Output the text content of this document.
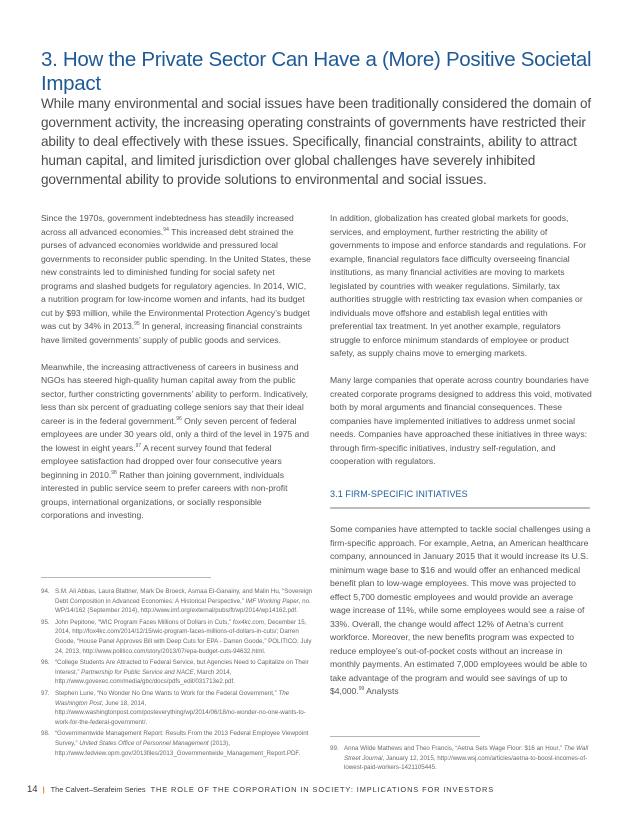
3. How the Private Sector Can Have a (More) Positive Societal Impact

While many environmental and social issues have been traditionally considered the domain of government activity, the increasing operating constraints of governments have restricted their ability to deal effectively with these issues. Specifically, financial constraints, ability to attract human capital, and limited jurisdiction over global challenges have severely inhibited governmental ability to provide solutions to environmental and social issues.

Since the 1970s, government indebtedness has steadily increased across all advanced economies.$^{94}$ This increased debt strained the purses of advanced economies worldwide and pressured local governments to reconsider public spending. In the United States, these new constraints led to diminished funding for social safety net programs and slashed budgets for regulatory agencies. In 2014, WIC, a nutrition program for low-income women and infants, had its budget cut by $93 million, while the Environmental Protection Agency’s budget was cut by 34% in 2013.95 In general, increasing financial constraints have limited governments’ supply of public goods and services.

Meanwhile, the increasing attractiveness of careers in business and NGOs has steered high-quality human capital away from the public sector, further constricting governments’ ability to perform. Indicatively, less than six percent of graduating college seniors say that their ideal career is in the federal government.$^{96}$ Only seven percent of federal employees are under 30 years old, only a third of the level in 1975 and the lowest in eight years.$^{97}$ A recent survey found that federal employee satisfaction had dropped over four consecutive years beginning in 2010.98 Rather than joining government, individuals interested in public service seem to prefer careers with non-profit groups, international organizations, or socially responsible corporations and investing.

In addition, globalization has created global markets for goods, services, and employment, further restricting the ability of governments to impose and enforce standards and regulations. For example, financial regulators face difficulty overseeing financial institutions, as many financial activities are moving to markets legislated by countries with weaker regulations. Similarly, tax authorities struggle with restricting tax evasion when companies or individuals move offshore and establish legal entities with preferential tax treatment. In yet another example, regulators struggle to enforce minimum standards of employee or product safety, as supply chains move to emerging markets.

Many large companies that operate across country boundaries have created corporate programs designed to address this void, motivated both by moral arguments and financial consequences. These companies have implemented initiatives to address unmet social needs. Companies have approached these initiatives in three ways: through firm-specific initiatives, industry self-regulation, and cooperation with regulators.

3.1 FIRM-SPECIFIC INITIATIVES

Some companies have attempted to tackle social challenges using a firm-specific approach. For example, Aetna, an American healthcare company, announced in January 2015 that it would increase its U.S. minimum wage base to $16 and would offer an enhanced medical benefit plan to low-wage employees. This move was projected to effect 5,700 domestic employees and would provide an average wage increase of 11%, while some employees would see a raise of 33%. Overall, the change would affect 12% of Aetna’s current workforce. Moreover, the new benefits program was expected to reduce employee’s out-of-pocket costs without an increase in monthly payments. An estimated 7,000 employees would be able to take advantage of the program and would see savings of up to $4,000.99 Analysts

94. S.M. Ali Abbas, Laura Blattner, Mark De Broeck, Asmaa El-Ganainy, and Malin Hu, “Sovereign Debt Composition in Advanced Economies: A Historical Perspective,” IMF Working Paper, no. WP/14/162 (September 2014), http://www.imf.org/external/pubs/ft/wp/2014/wp14162.pdf.
95. John Pepitone, “WIC Program Faces Millions of Dollars in Cuts,” fox4kc.com, December 15, 2014, http://fox4kc.com/2014/12/15/wic-program-faces-millions-of-dollars-in-cuts/; Darren Goode, “House Panel Approves Bill with Deep Cuts for EPA - Darren Goode,” POLITICO, July 24, 2013, http://www.politico.com/story/2013/07/epa-budget-cuts-94632.html.
96. “College Students Are Attracted to Federal Service, but Agencies Need to Capitalize on Their Interest,” Partnership for Public Service and NACE, March 2014, http://www.govexec.com/media/gbc/docs/pdfs_edit/031713e2.pdf.
97. Stephen Lurie, “No Wonder No One Wants to Work for the Federal Government,” The Washington Post, June 18, 2014, http://www.washingtonpost.com/posteverything/wp/2014/06/18/no-wonder-no-one-wants-to-work-for-the-federal-government/.
98. “Governmentwide Management Report: Results From the 2013 Federal Employee Viewpoint Survey,” United States Office of Personnel Management (2013), http://www.fedview.opm.gov/2013files/2013_Governmentwide_Management_Report.PDF.
99. Anna Wilde Mathews and Theo Francis, “Aetna Sets Wage Floor: $16 an Hour,” The Wall Street Journal, January 12, 2015, http://www.wsj.com/articles/aetna-to-boost-incomes-of-lowest-paid-workers-1421105445.
14 | The Calvert–Serafeim Series THE ROLE OF THE CORPORATION IN SOCIETY: IMPLICATIONS FOR INVESTORS
